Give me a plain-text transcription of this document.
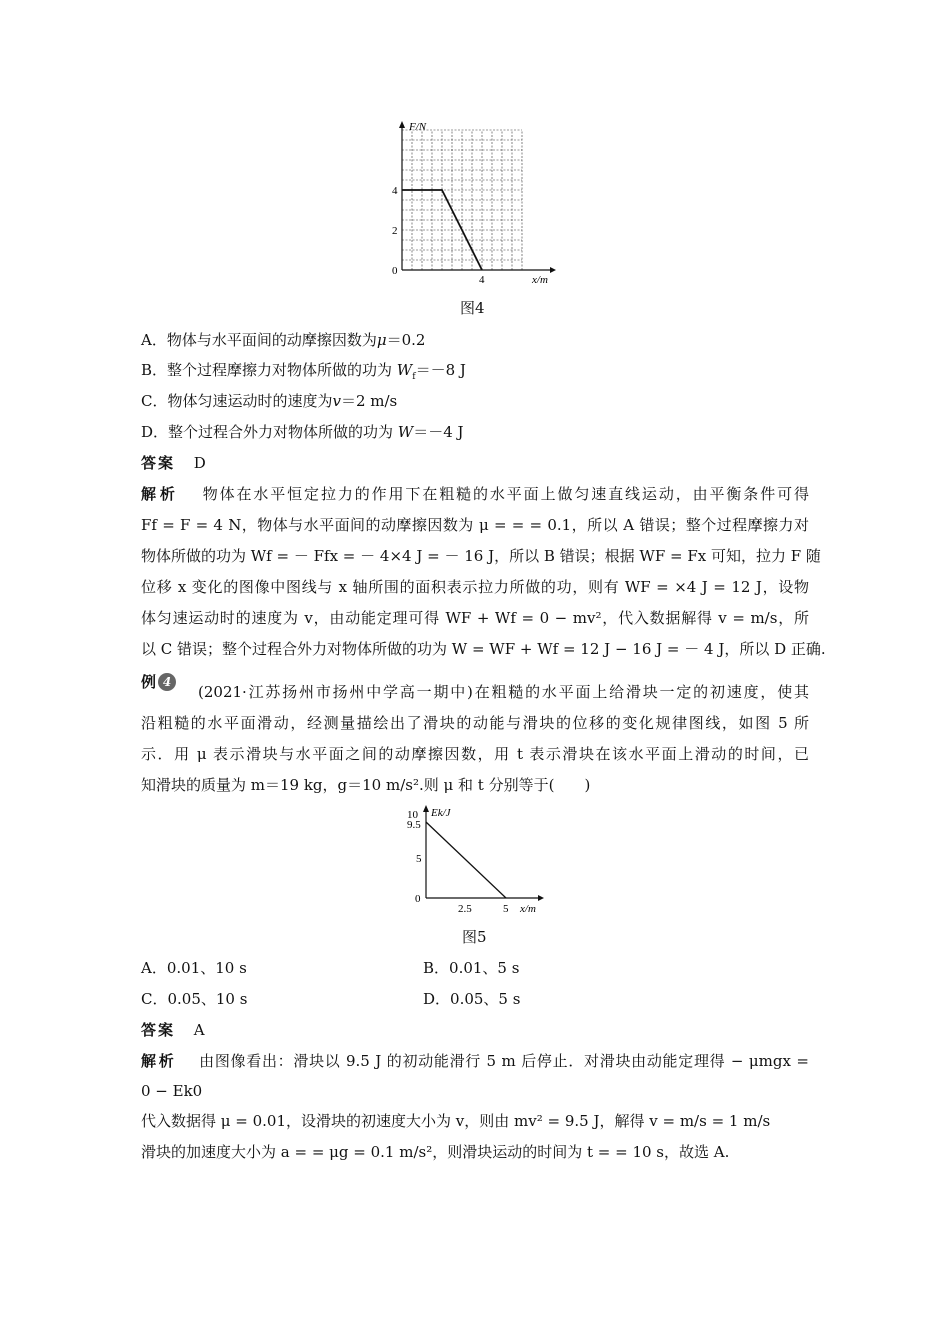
F/N
x/m
0
2
4
4
图4
A．物体与水平面间的动摩擦因数为μ＝0.2
B．整个过程摩擦力对物体所做的功为 $W_f=-8$ J
C．物体匀速运动时的速度为v＝2 m/s
D．整个过程合外力对物体所做的功为 W＝－4 J
答案 D
解析 物体在水平恒定拉力的作用下在粗糙的水平面上做匀速直线运动，由平衡条件可得
Ff = F = 4 N，物体与水平面间的动摩擦因数为 μ = = = 0.1，所以 A 错误；整个过程摩擦力对
物体所做的功为 Wf = － Ffx = － 4×4 J = － 16 J，所以 B 错误；根据 WF = Fx 可知，拉力 F 随
位移 x 变化的图像中图线与 x 轴所围的面积表示拉力所做的功，则有 WF = ×4 J = 12 J，设物
体匀速运动时的速度为 v，由动能定理可得 WF + Wf = 0 − mv²，代入数据解得 v = m/s，所
以 C 错误；整个过程合外力对物体所做的功为 W = WF + Wf = 12 J − 16 J = － 4 J，所以 D 正确.
例 4
(2021·江苏扬州市扬州中学高一期中)在粗糙的水平面上给滑块一定的初速度，使其
沿粗糙的水平面滑动，经测量描绘出了滑块的动能与滑块的位移的变化规律图线，如图 5 所
示．用 μ 表示滑块与水平面之间的动摩擦因数，用 t 表示滑块在该水平面上滑动的时间，已
知滑块的质量为 m＝19 kg，g＝10 m/s².则 μ 和 t 分别等于(　　)
Ek/J
x/m
0
5
9.5
10
2.5	5
图5
A．0.01、10 s	B．0.01、5 s
C．0.05、10 s	D．0.05、5 s
答案 A
解析 由图像看出：滑块以 9.5 J 的初动能滑行 5 m 后停止．对滑块由动能定理得 − μmgx =
0 − Ek0
代入数据得 μ = 0.01，设滑块的初速度大小为 v，则由 mv² = 9.5 J，解得 v = m/s = 1 m/s
滑块的加速度大小为 a = = μg = 0.1 m/s²，则滑块运动的时间为 t = = 10 s，故选 A.
